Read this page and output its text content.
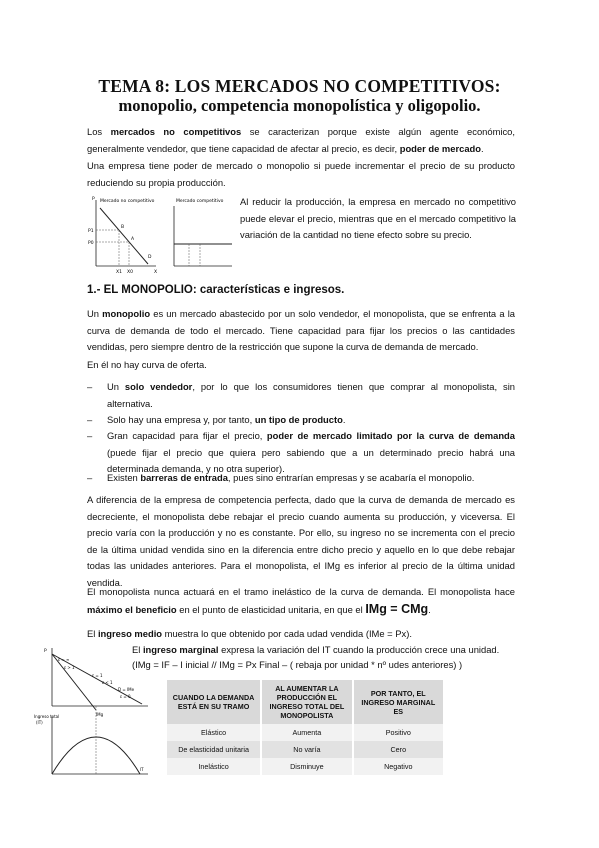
TEMA 8: LOS MERCADOS NO COMPETITIVOS:
monopolio, competencia monopolística y oligopolio.
Los mercados no competitivos se caracterizan porque existe algún agente económico, generalmente vendedor, que tiene capacidad de afectar al precio, es decir, poder de mercado.
Una empresa tiene poder de mercado o monopolio si puede incrementar el precio de su producto reduciendo su propia producción.
Mercado no competitivo	Mercado competitivo
P1
P0
B
A
D
X1 X0	X
P	Al reducir la producción, la empresa en mercado no competitivo puede elevar el precio, mientras que en el mercado competitivo la variación de la cantidad no tiene efecto sobre su precio.
1.- EL MONOPOLIO: características e ingresos.
Un monopolio es un mercado abastecido por un solo vendedor, el monopolista, que se enfrenta a la curva de demanda de todo el mercado. Tiene capacidad para fijar los precios o las cantidades vendidas, pero siempre dentro de la restricción que supone la curva de demanda de mercado.
En él no hay curva de oferta.
– Un solo vendedor, por lo que los consumidores tienen que comprar al monopolista, sin alternativa.
– Solo hay una empresa y, por tanto, un tipo de producto.
– Gran capacidad para fijar el precio, poder de mercado limitado por la curva de demanda (puede fijar el precio que quiera pero sabiendo que a un determinado precio habrá una determinada demanda, y no otra superior).
– Existen barreras de entrada, pues sino entrarían empresas y se acabaría el monopolio.
A diferencia de la empresa de competencia perfecta, dado que la curva de demanda de mercado es decreciente, el monopolista debe rebajar el precio cuando aumenta su producción, y viceversa. El precio varía con la producción y no es constante. Por ello, su ingreso no se incrementa con el precio de la última unidad vendida sino en la diferencia entre dicho precio y aquello en lo que debe rebajar todas las unidades anteriores. Para el monopolista, el IMg es inferior al precio de la última unidad vendida.
El monopolista nunca actuará en el tramo inelástico de la curva de demanda. El monopolista hace máximo el beneficio en el punto de elasticidad unitaria, en que el IMg = CMg.
El ingreso medio muestra lo que obtenido por cada udad vendida (IMe = Px).
El ingreso marginal expresa la variación del IT cuando la producción crece una unidad.
(IMg = IF – I inicial // IMg = Px Final – ( rebaja por unidad * nº udes anteriores) )
P
ε = ∞
ε > 1
ε = 1
ε < 1
D = IMe
ε = 0
IMg
Ingreso total
(IT)
IT
CUANDO LA DEMANDA ESTÁ EN SU TRAMO	AL AUMENTAR LA PRODUCCIÓN EL INGRESO TOTAL DEL MONOPOLISTA	POR TANTO, EL INGRESO MARGINAL ES
Elástico	Aumenta	Positivo
De elasticidad unitaria	No varía	Cero
Inelástico	Disminuye	Negativo
